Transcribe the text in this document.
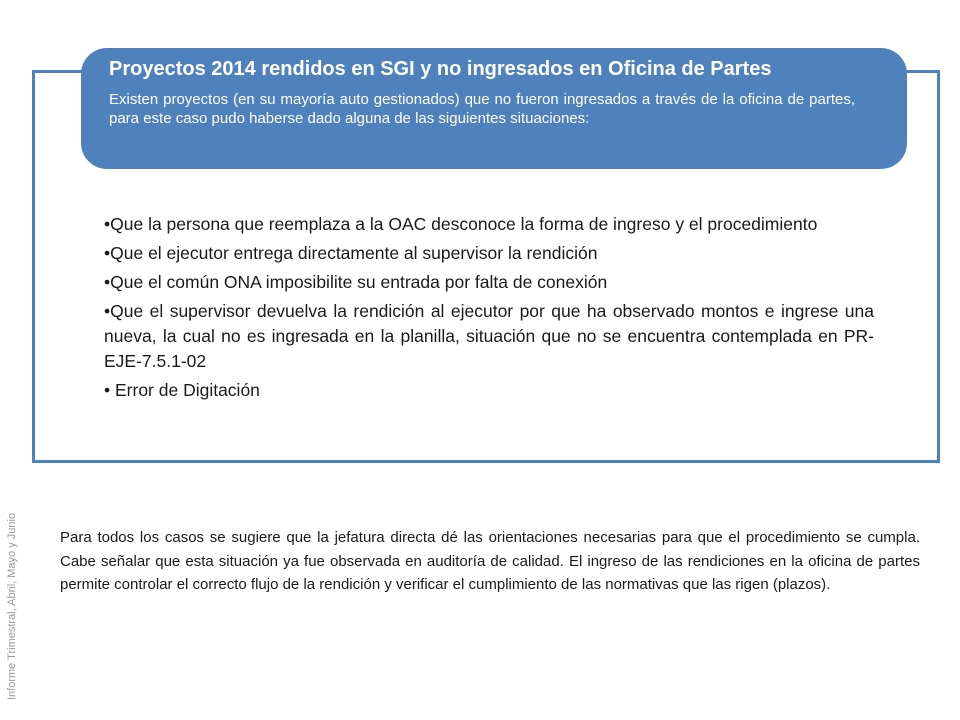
Proyectos 2014 rendidos en SGI y no ingresados en Oficina de Partes

Existen proyectos (en su mayoría auto gestionados) que no fueron ingresados a través de la oficina de partes, para este caso pudo haberse dado alguna de las siguientes situaciones:

•Que la persona que reemplaza a la OAC desconoce la forma de ingreso y el procedimiento
•Que el ejecutor entrega directamente al supervisor la rendición
•Que el común ONA imposibilite su entrada por falta de conexión
•Que el supervisor devuelva la rendición al ejecutor por que ha observado montos e ingrese una nueva, la cual no es ingresada en la planilla, situación que no se encuentra contemplada en PR-EJE-7.5.1-02
• Error de Digitación
Informe Trimestral, Abril, Mayo y Junio	Para todos los casos se sugiere que la jefatura directa dé las orientaciones necesarias para que el procedimiento se cumpla. Cabe señalar que esta situación ya fue observada en auditoría de calidad. El ingreso de las rendiciones en la oficina de partes permite controlar el correcto flujo de la rendición y verificar el cumplimiento de las normativas que las rigen (plazos).
